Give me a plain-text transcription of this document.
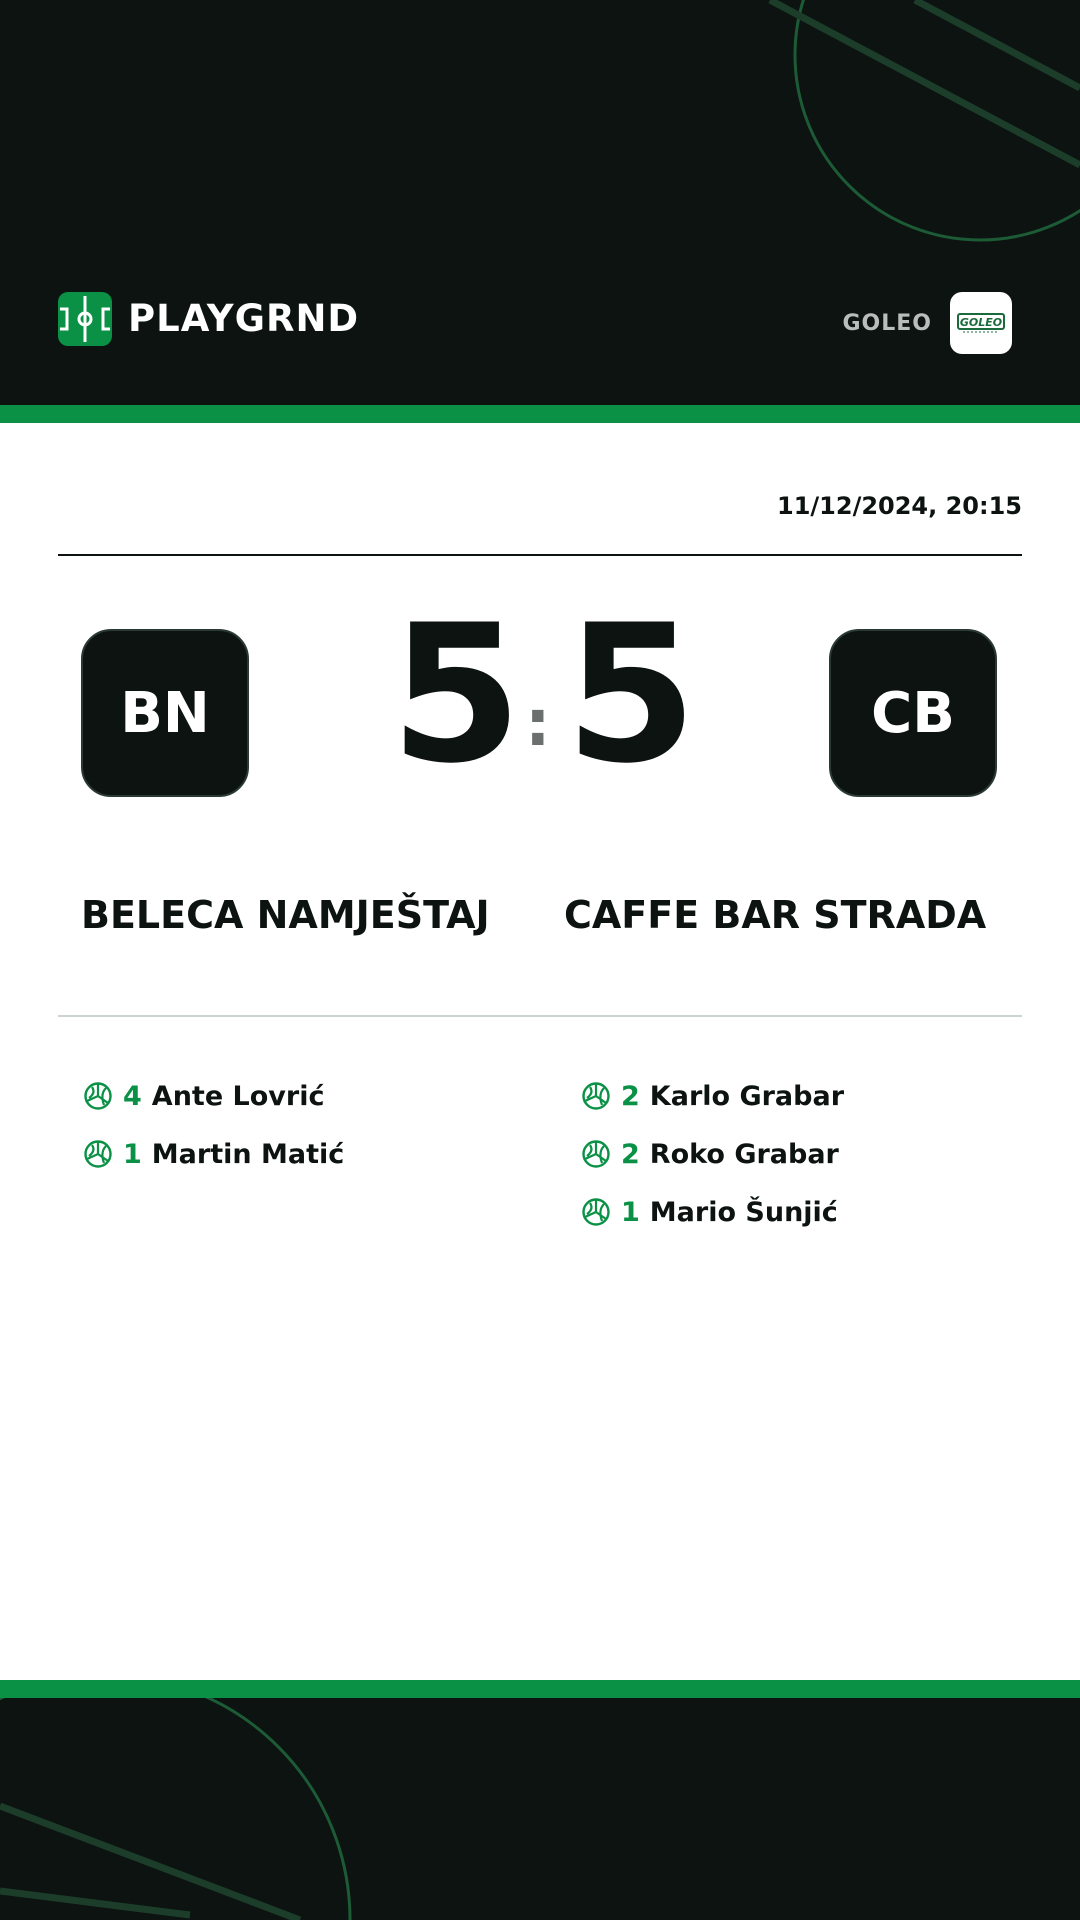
PLAYGRND	GOLEO	GOLEO
11/12/2024, 20:15
BN 5 : 5	CB
BELECA NAMJEŠTAJ CAFFE BAR STRADA
4 Ante Lovrić
1 Martin Matić
2 Karlo Grabar
2 Roko Grabar
1 Mario Šunjić
